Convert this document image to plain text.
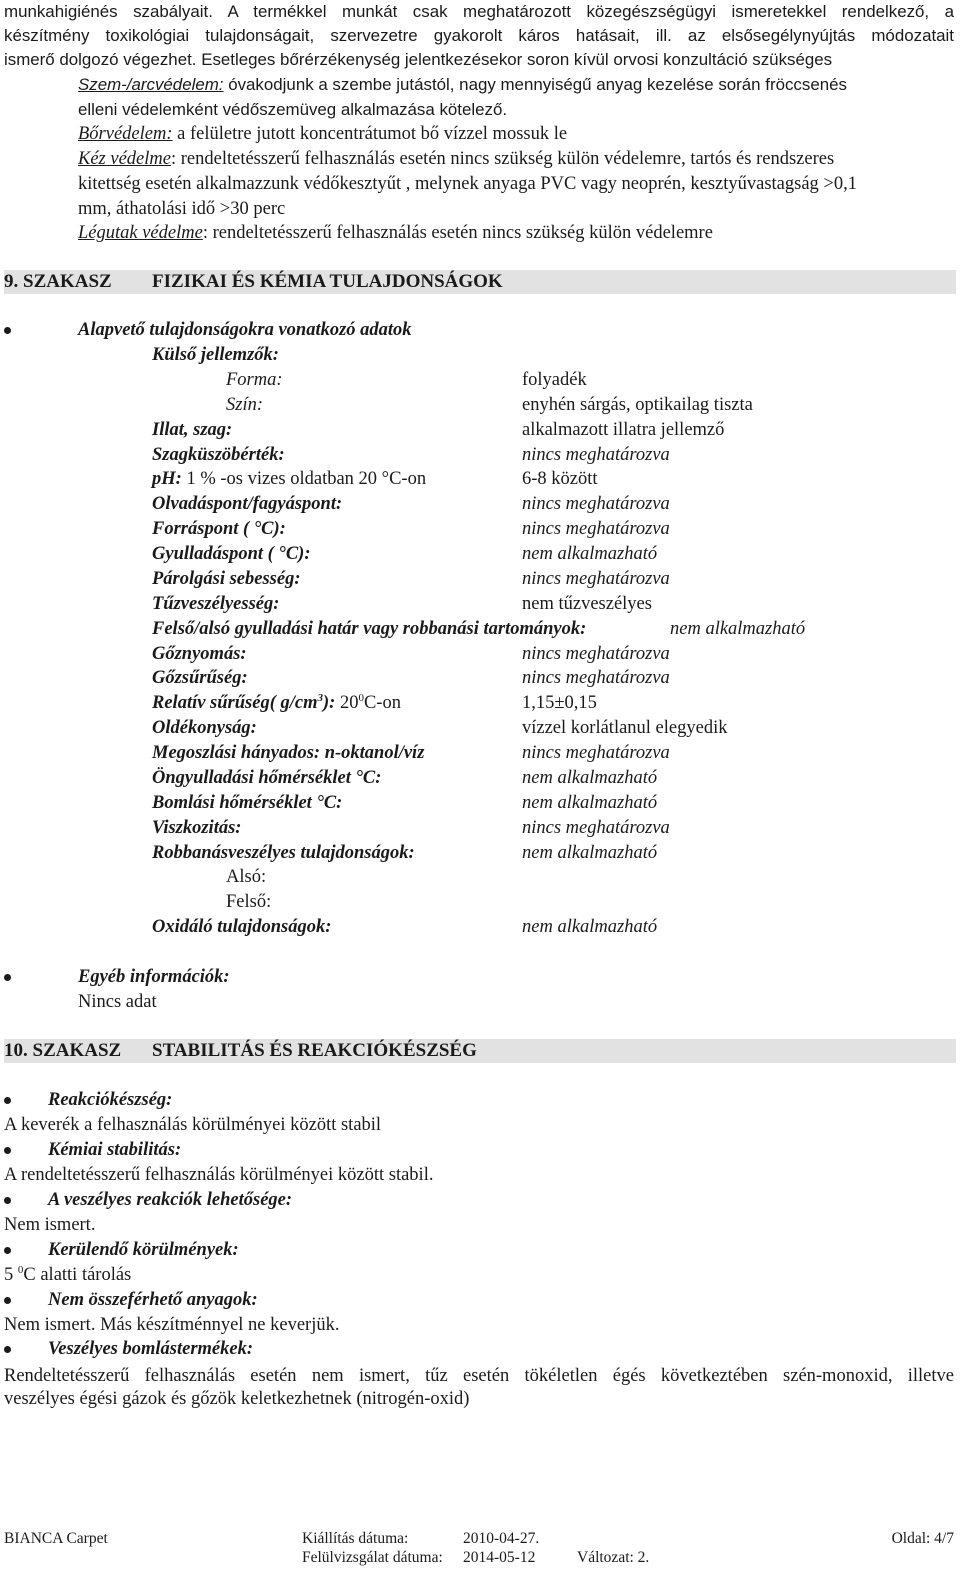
munkahigiénés szabályait. A termékkel munkát csak meghatározott közegészségügyi ismeretekkel rendelkező, a
készítmény toxikológiai tulajdonságait, szervezetre gyakorolt káros hatásait, ill. az elsősegélynyújtás módozatait
ismerő dolgozó végezhet. Esetleges bőrérzékenység jelentkezésekor soron kívül orvosi konzultáció szükséges
Szem-/arcvédelem: óvakodjunk a szembe jutástól, nagy mennyiségű anyag kezelése során fröccsenés
elleni védelemként védőszemüveg alkalmazása kötelező.
Bőrvédelem: a felületre jutott koncentrátumot bő vízzel mossuk le
Kéz védelme: rendeltetésszerű felhasználás esetén nincs szükség külön védelemre, tartós és rendszeres
kitettség esetén alkalmazzunk védőkesztyűt , melynek anyaga PVC vagy neoprén, kesztyűvastagság >0,1
mm, áthatolási idő >30 perc
Légutak védelme: rendeltetésszerű felhasználás esetén nincs szükség külön védelemre
9. SZAKASZ FIZIKAI ÉS KÉMIA TULAJDONSÁGOK
Alapvető tulajdonságokra vonatkozó adatok
Külső jellemzők:
Forma:	folyadék
Szín:	enyhén sárgás, optikailag tiszta
Illat, szag:	alkalmazott illatra jellemző
Szagküszöbérték:	nincs meghatározva
pH: 1 % -os vizes oldatban 20 °C-on	6-8 között
Olvadáspont/fagyáspont:	nincs meghatározva
Forráspont ( °C):	nincs meghatározva
Gyulladáspont ( °C):	nem alkalmazható
Párolgási sebesség:	nincs meghatározva
Tűzveszélyesség:	nem tűzveszélyes
Felső/alsó gyulladási határ vagy robbanási tartományok:	nem alkalmazható
Gőznyomás:	nincs meghatározva
Gőzsűrűség:	nincs meghatározva
Relatív sűrűség( $g/cm^3$): $20^0C-on$	1,15±0,15
Oldékonyság:	vízzel korlátlanul elegyedik
Megoszlási hányados: n-oktanol/víz	nincs meghatározva
Öngyulladási hőmérséklet °C:	nem alkalmazható
Bomlási hőmérséklet °C:	nem alkalmazható
Viszkozitás:	nincs meghatározva
Robbanásveszélyes tulajdonságok:	nem alkalmazható
Alsó:
Felső:
Oxidáló tulajdonságok:	nem alkalmazható
Egyéb információk:
Nincs adat
10. SZAKASZ STABILITÁS ÉS REAKCIÓKÉSZSÉG
Reakciókészség:
A keverék a felhasználás körülményei között stabil
Kémiai stabilitás:
A rendeltetésszerű felhasználás körülményei között stabil.
A veszélyes reakciók lehetősége:
Nem ismert.
Kerülendő körülmények:
5 $^0$C alatti tárolás
Nem összeférhető anyagok:
Nem ismert. Más készítménnyel ne keverjük.
Veszélyes bomlástermékek:
Rendeltetésszerű felhasználás esetén nem ismert, tűz esetén tökéletlen égés következtében szén-monoxid, illetve
veszélyes égési gázok és gőzök keletkezhetnek (nitrogén-oxid)
BIANCA Carpet	Kiállítás dátuma:	2010-04-27.	Oldal: 4/7
Felülvizsgálat dátuma: 2014-05-12	Változat: 2.
